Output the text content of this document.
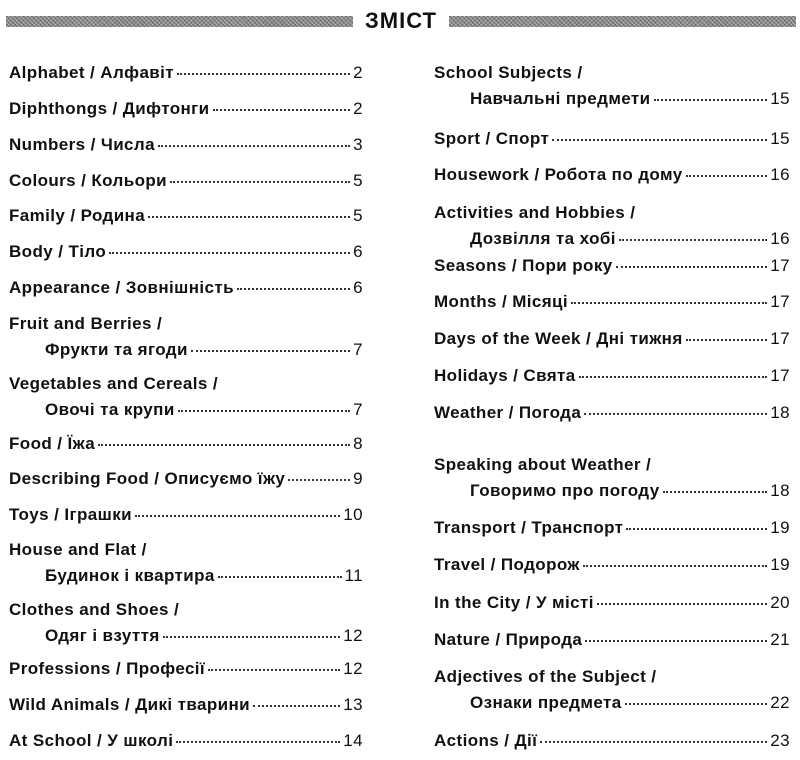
ЗМІСТ
Alphabet / Алфавіт	2
Diphthongs / Дифтонги	2
Numbers / Числа	3
Colours / Кольори	5
Family / Родина	5
Body / Тіло	6
Appearance / Зовнішність	6
Fruit and Berries /
Фрукти та ягоди	7
Vegetables and Cereals /
Овочі та крупи	7
Food / Їжа	8
Describing Food / Описуємо їжу	9
Toys / Іграшки	10
House and Flat /
Будинок і квартира	11
Clothes and Shoes /
Одяг і взуття	12
Professions / Професії	12
Wild Animals / Дикі тварини	13
At School / У школі	14
School Subjects /
Навчальні предмети	15
Sport / Спорт	15
Housework / Робота по дому	16
Activities and Hobbies /
Дозвілля та хобі	16
Seasons / Пори року	17
Months / Місяці	17
Days of the Week / Дні тижня	17
Holidays / Свята	17
Weather / Погода	18
Speaking about Weather /
Говоримо про погоду	18
Transport / Транспорт	19
Travel / Подорож	19
In the City / У місті	20
Nature / Природа	21
Adjectives of the Subject /
Ознаки предмета	22
Actions / Дії	23
